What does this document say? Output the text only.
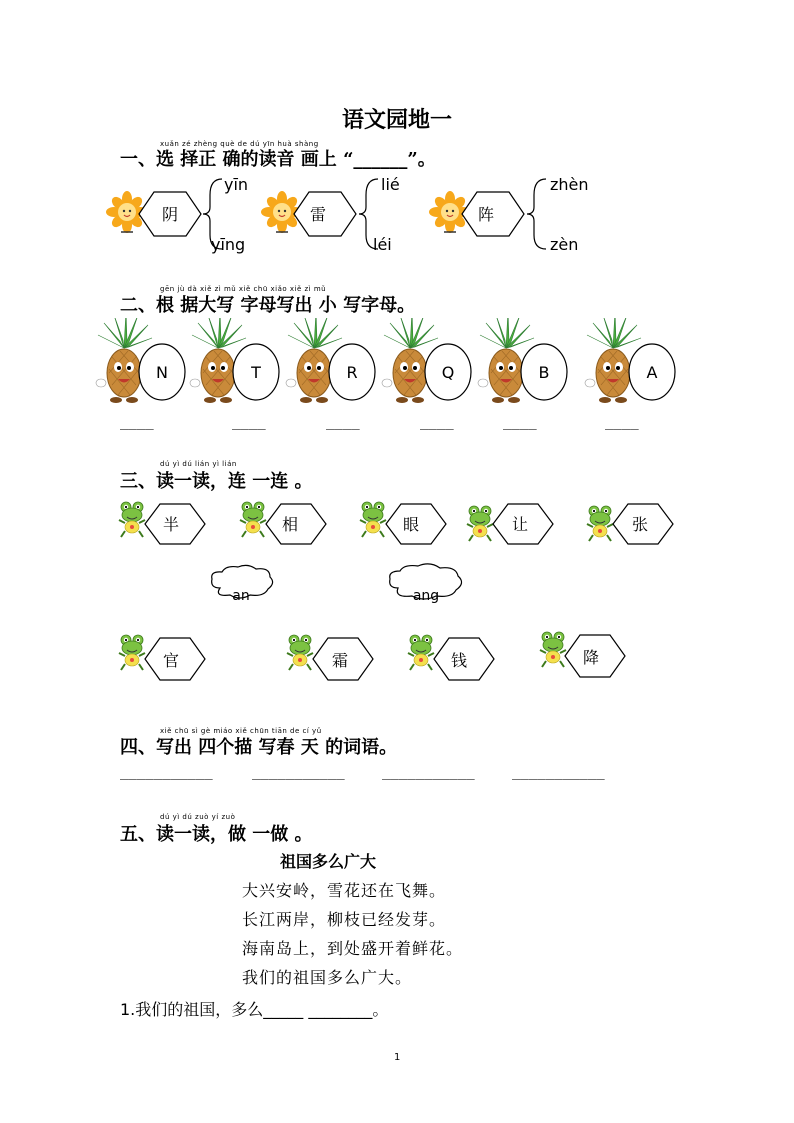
语文园地一
xuǎn zé zhèng què de dú yīn huà shàng
一、选 择正 确的读音 画上 “______”。
阴
yīn
yīng
雷
lié
léi
阵
zhèn
zèn
gēn jù dà xiě zì mǔ xiě chū xiǎo xiě zì mǔ
二、根 据大写 字母写出 小 写字母。
N	T	R	Q	B	A
____	____	____	____	____	____
dú yì dú lián yì lián
三、读一读，连 一连 。
半	相	眼	让	张
an	ang
官	霜	钱	降
xiě chū sì gè miáo xiě chūn tiān de cí yǔ
四、写出 四个描 写春 天 的词语。
___________	___________	___________	___________
dú yì dú zuò yí zuò
五、读一读，做 一做 。
祖国多么广大
大兴安岭，雪花还在飞舞。
长江两岸，柳枝已经发芽。
海南岛上，到处盛开着鲜花。
我们的祖国多么广大。
1.我们的祖国，多么_____ ________。
1
